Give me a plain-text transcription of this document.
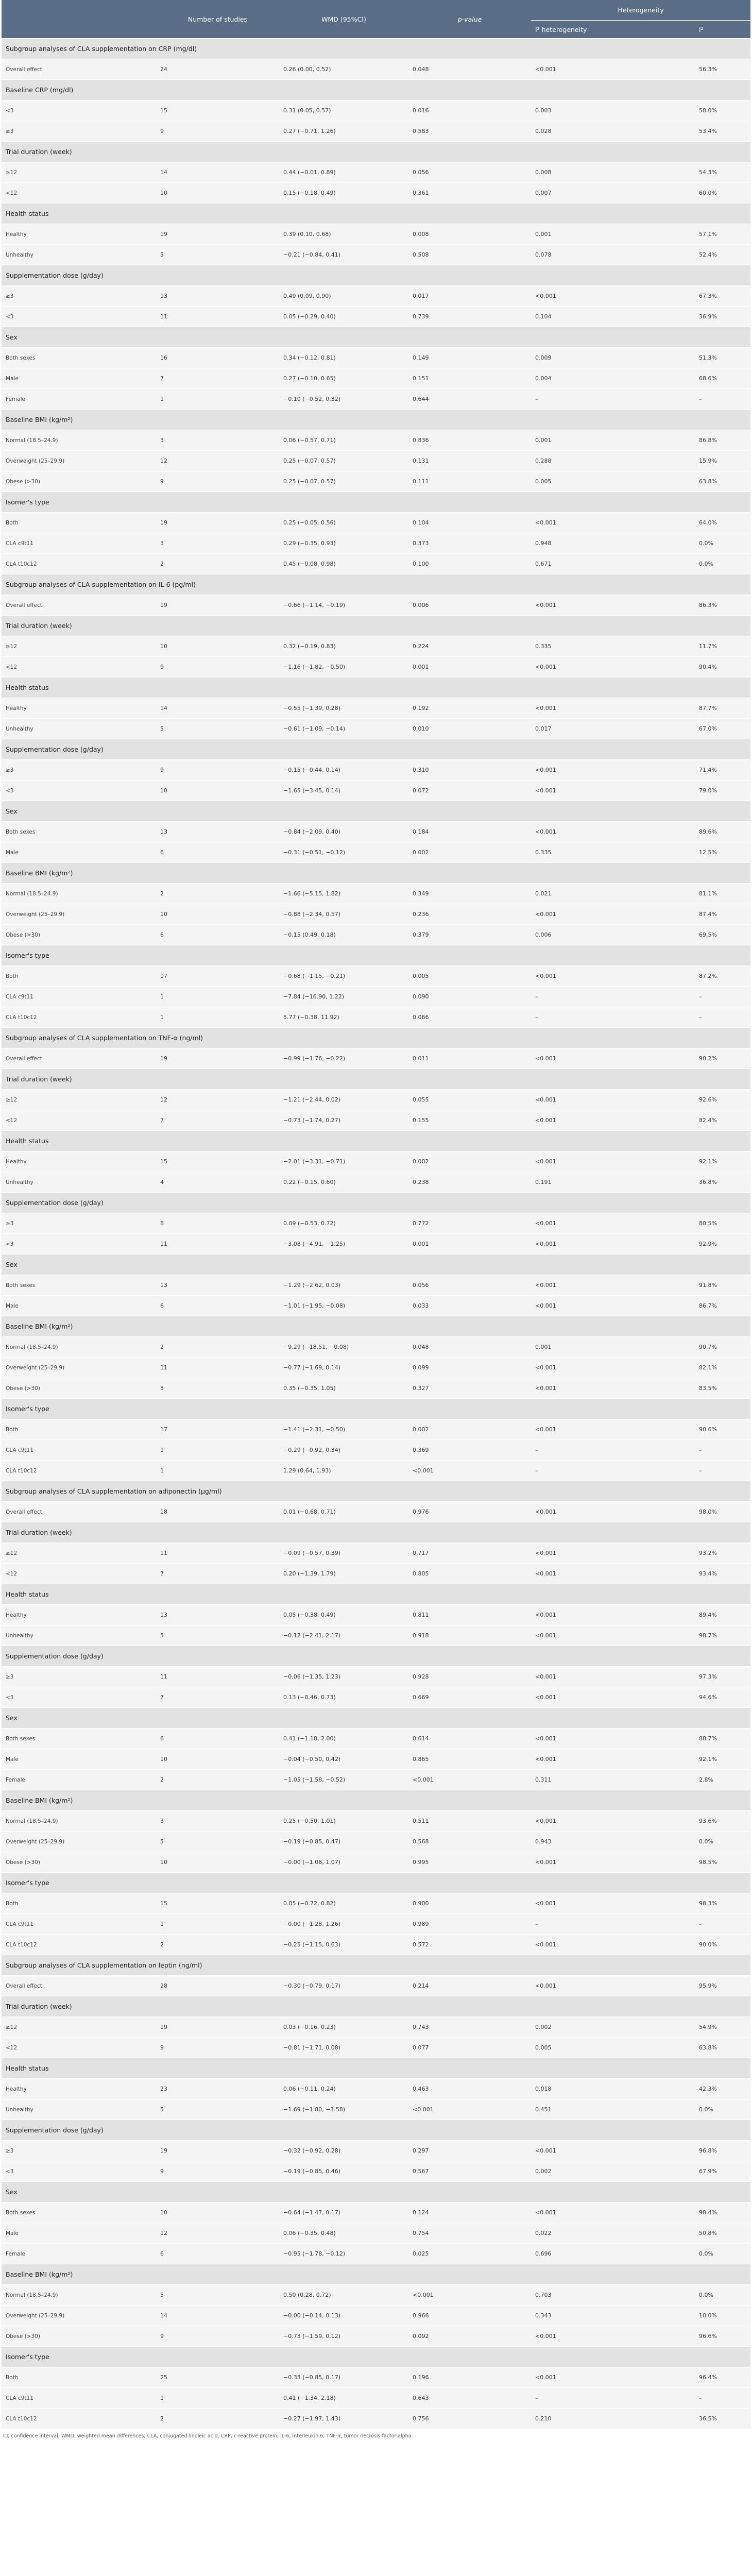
	Number of studies	WMD (95%CI)	p-value	Heterogeneity	
				I² heterogeneity	I²
Subgroup analyses of CLA supplementation on CRP (mg/dl)					
Overall effect	24	0.26 (0.00, 0.52)	0.048	<0.001	56.3%
Baseline CRP (mg/dl)					
<3	15	0.31 (0.05, 0.57)	0.016	0.003	58.0%
≥3	9	0.27 (−0.71, 1.26)	0.583	0.028	53.4%
Trial duration (week)					
≥12	14	0.44 (−0.01, 0.89)	0.056	0.008	54.3%
<12	10	0.15 (−0.18, 0.49)	0.361	0.007	60.0%
Health status					
Healthy	19	0.39 (0.10, 0.68)	0.008	0.001	57.1%
Unhealthy	5	−0.21 (−0.84, 0.41)	0.508	0.078	52.4%
Supplementation dose (g/day)					
≥3	13	0.49 (0.09, 0.90)	0.017	<0.001	67.3%
<3	11	0.05 (−0.29, 0.40)	0.739	0.104	36.9%
Sex					
Both sexes	16	0.34 (−0.12, 0.81)	0.149	0.009	51.3%
Male	7	0.27 (−0.10, 0.65)	0.151	0.004	68.6%
Female	1	−0.10 (−0.52, 0.32)	0.644	–	–
Baseline BMI (kg/m²)					
Normal (18.5–24.9)	3	0.06 (−0.57, 0.71)	0.836	0.001	86.8%
Overweight (25–29.9)	12	0.25 (−0.07, 0.57)	0.131	0.288	15.9%
Obese (>30)	9	0.25 (−0.07, 0.57)	0.111	0.005	63.8%
Isomer's type					
Both	19	0.25 (−0.05, 0.56)	0.104	<0.001	64.0%
CLA c9t11	3	0.29 (−0.35, 0.93)	0.373	0.948	0.0%
CLA t10c12	2	0.45 (−0.08, 0.98)	0.100	0.671	0.0%
Subgroup analyses of CLA supplementation on IL-6 (pg/ml)					
Overall effect	19	−0.66 (−1.14, −0.19)	0.006	<0.001	86.3%
Trial duration (week)					
≥12	10	0.32 (−0.19, 0.83)	0.224	0.335	11.7%
<12	9	−1.16 (−1.82, −0.50)	0.001	<0.001	90.4%
Health status					
Healthy	14	−0.55 (−1.39, 0.28)	0.192	<0.001	87.7%
Unhealthy	5	−0.61 (−1.09, −0.14)	0.010	0.017	67.0%
Supplementation dose (g/day)					
≥3	9	−0.15 (−0.44, 0.14)	0.310	<0.001	71.4%
<3	10	−1.65 (−3.45, 0.14)	0.072	<0.001	79.0%
Sex					
Both sexes	13	−0.84 (−2.09, 0.40)	0.184	<0.001	89.6%
Male	6	−0.31 (−0.51, −0.12)	0.002	0.335	12.5%
Baseline BMI (kg/m²)					
Normal (18.5–24.9)	2	−1.66 (−5.15, 1.82)	0.349	0.021	81.1%
Overweight (25–29.9)	10	−0.88 (−2.34, 0.57)	0.236	<0.001	87.4%
Obese (>30)	6	−0.15 (0.49, 0.18)	0.379	0.006	69.5%
Isomer's type					
Both	17	−0.68 (−1.15, −0.21)	0.005	<0.001	87.2%
CLA c9t11	1	−7.84 (−16.90, 1.22)	0.090	–	–
CLA t10c12	1	5.77 (−0.38, 11.92)	0.066	–	–
Subgroup analyses of CLA supplementation on TNF-α (ng/ml)					
Overall effect	19	−0.99 (−1.76, −0.22)	0.011	<0.001	90.2%
Trial duration (week)					
≥12	12	−1.21 (−2.44, 0.02)	0.055	<0.001	92.6%
<12	7	−0.73 (−1.74, 0.27)	0.155	<0.001	82.4%
Health status					
Healthy	15	−2.01 (−3.31, −0.71)	0.002	<0.001	92.1%
Unhealthy	4	0.22 (−0.15, 0.60)	0.238	0.191	36.8%
Supplementation dose (g/day)					
≥3	8	0.09 (−0.53, 0.72)	0.772	<0.001	80.5%
<3	11	−3.08 (−4.91, −1.25)	0.001	<0.001	92.9%
Sex					
Both sexes	13	−1.29 (−2.62, 0.03)	0.056	<0.001	91.8%
Male	6	−1.01 (−1.95, −0.08)	0.033	<0.001	86.7%
Baseline BMI (kg/m²)					
Normal (18.5–24.9)	2	−9.29 (−18.51, −0.08)	0.048	0.001	90.7%
Overweight (25–29.9)	11	−0.77 (−1.69, 0.14)	0.099	<0.001	82.1%
Obese (>30)	5	0.35 (−0.35, 1.05)	0.327	<0.001	83.5%
Isomer's type					
Both	17	−1.41 (−2.31, −0.50)	0.002	<0.001	90.6%
CLA c9t11	1	−0.29 (−0.92, 0.34)	0.369	–	–
CLA t10c12	1	1.29 (0.64, 1.93)	<0.001	–	–
Subgroup analyses of CLA supplementation on adiponectin (μg/ml)					
Overall effect	18	0.01 (−0.68, 0.71)	0.976	<0.001	98.0%
Trial duration (week)					
≥12	11	−0.09 (−0.57, 0.39)	0.717	<0.001	93.2%
<12	7	0.20 (−1.39, 1.79)	0.805	<0.001	93.4%
Health status					
Healthy	13	0.05 (−0.38, 0.49)	0.811	<0.001	89.4%
Unhealthy	5	−0.12 (−2.41, 2.17)	0.918	<0.001	98.7%
Supplementation dose (g/day)					
≥3	11	−0.06 (−1.35, 1.23)	0.928	<0.001	97.3%
<3	7	0.13 (−0.46, 0.73)	0.669	<0.001	94.6%
Sex					
Both sexes	6	0.41 (−1.18, 2.00)	0.614	<0.001	88.7%
Male	10	−0.04 (−0.50, 0.42)	0.865	<0.001	92.1%
Female	2	−1.05 (−1.58, −0.52)	<0.001	0.311	2.8%
Baseline BMI (kg/m²)					
Normal (18.5–24.9)	3	0.25 (−0.50, 1.01)	0.511	<0.001	93.6%
Overweight (25–29.9)	5	−0.19 (−0.85, 0.47)	0.568	0.943	0.0%
Obese (>30)	10	−0.00 (−1.08, 1.07)	0.995	<0.001	98.5%
Isomer's type					
Both	15	0.05 (−0.72, 0.82)	0.900	<0.001	98.3%
CLA c9t11	1	−0.00 (−1.28, 1.26)	0.989	–	–
CLA t10c12	2	−0.25 (−1.15, 0.63)	0.572	<0.001	90.0%
Subgroup analyses of CLA supplementation on leptin (ng/ml)					
Overall effect	28	−0.30 (−0.79, 0.17)	0.214	<0.001	95.9%
Trial duration (week)					
≥12	19	0.03 (−0.16, 0.23)	0.743	0.002	54.9%
<12	9	−0.81 (−1.71, 0.08)	0.077	0.005	63.8%
Health status					
Healthy	23	0.06 (−0.11, 0.24)	0.463	0.018	42.3%
Unhealthy	5	−1.69 (−1.80, −1.58)	<0.001	0.451	0.0%
Supplementation dose (g/day)					
≥3	19	−0.32 (−0.92, 0.28)	0.297	<0.001	96.8%
<3	9	−0.19 (−0.85, 0.46)	0.567	0.002	67.9%
Sex					
Both sexes	10	−0.64 (−1.47, 0.17)	0.124	<0.001	98.4%
Male	12	0.06 (−0.35, 0.48)	0.754	0.022	50.8%
Female	6	−0.95 (−1.78, −0.12)	0.025	0.696	0.0%
Baseline BMI (kg/m²)					
Normal (18.5–24.9)	5	0.50 (0.28, 0.72)	<0.001	0.703	0.0%
Overweight (25–29.9)	14	−0.00 (−0.14, 0.13)	0.966	0.343	10.0%
Obese (>30)	9	−0.73 (−1.59, 0.12)	0.092	<0.001	96.6%
Isomer's type					
Both	25	−0.33 (−0.85, 0.17)	0.196	<0.001	96.4%
CLA c9t11	1	0.41 (−1.34, 2.18)	0.643	–	–
CLA t10c12	2	−0.27 (−1.97, 1.43)	0.756	0.210	36.5%
CI, confidence interval; WMD, weighted mean differences; CLA, conjugated linoleic acid; CRP, c-reactive protein; IL-6, interleukin 6; TNF-α, tumor necrosis factor-alpha.
